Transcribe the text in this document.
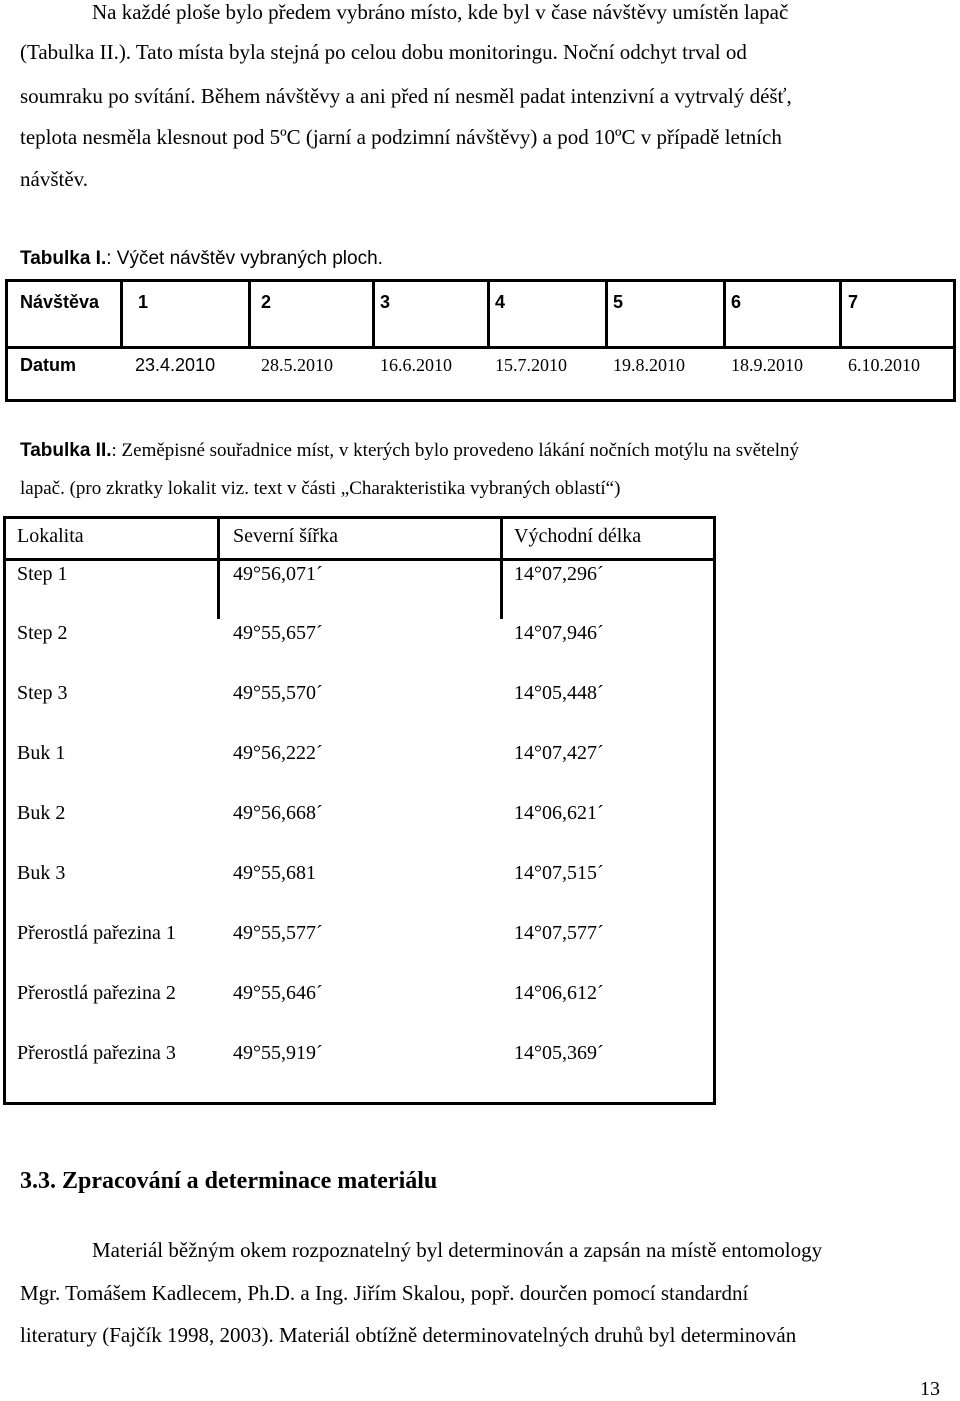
Na každé ploše bylo předem vybráno místo, kde byl v čase návštěvy umístěn lapač

(Tabulka II.). Tato místa byla stejná po celou dobu monitoringu. Noční odchyt trval od

soumraku po svítání. Během návštěvy a ani před ní nesměl padat intenzivní a vytrvalý déšť,

teplota nesměla klesnout pod 5ºC (jarní a podzimní návštěvy) a pod 10ºC v případě letních

návštěv.

Tabulka I.: Výčet návštěv vybraných ploch.

Návštěva 1	2	3	4	5	6	7
Datum	23.4.2010	28.5.2010	16.6.2010 15.7.2010	19.8.2010	18.9.2010	6.10.2010

Tabulka II.: Zeměpisné souřadnice míst, v kterých bylo provedeno lákání nočních motýlu na světelný

lapač. (pro zkratky lokalit viz. text v části „Charakteristika vybraných oblastí“)

Lokalita	Severní šířka	Východní délka
Step 1	49°56,071´	14°07,296´
Step 2	49°55,657´	14°07,946´
Step 3	49°55,570´	14°05,448´
Buk 1	49°56,222´	14°07,427´
Buk 2	49°56,668´	14°06,621´
Buk 3	49°55,681	14°07,515´
Přerostlá pařezina 1	49°55,577´	14°07,577´
Přerostlá pařezina 2	49°55,646´	14°06,612´
Přerostlá pařezina 3	49°55,919´	14°05,369´
3.3. Zpracování a determinace materiálu

Materiál běžným okem rozpoznatelný byl determinován a zapsán na místě entomology

Mgr. Tomášem Kadlecem, Ph.D. a Ing. Jiřím Skalou, popř. dourčen pomocí standardní

literatury (Fajčík 1998, 2003). Materiál obtížně determinovatelných druhů byl determinován

13
